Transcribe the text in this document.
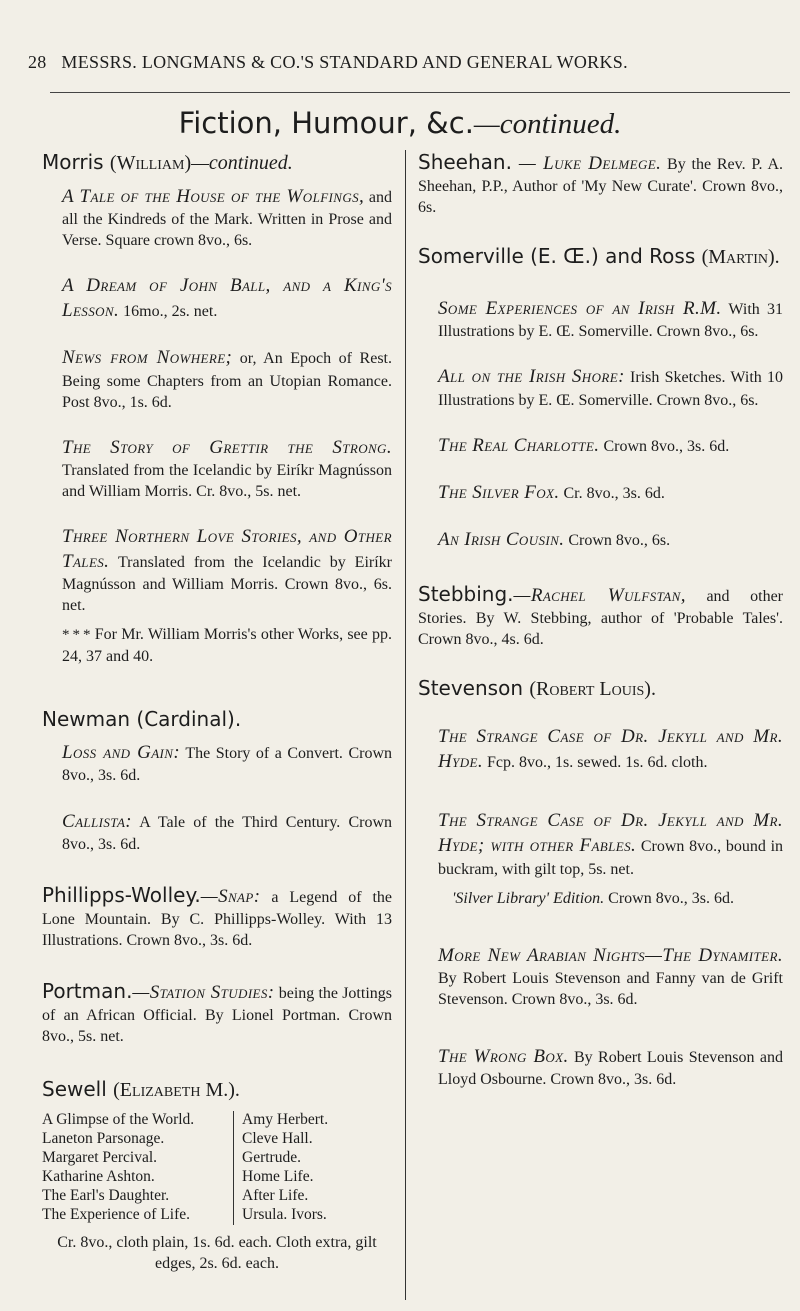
28 MESSRS. LONGMANS & CO.'S STANDARD AND GENERAL WORKS.
Fiction, Humour, &c.—continued.
Morris (William)—continued.
A Tale of the House of the Wolfings, and all the Kindreds of the Mark. Written in Prose and Verse. Square crown 8vo., 6s.
A Dream of John Ball, and a King's Lesson. 16mo., 2s. net.
News from Nowhere; or, An Epoch of Rest. Being some Chapters from an Utopian Romance. Post 8vo., 1s. 6d.
The Story of Grettir the Strong. Translated from the Icelandic by Eiríkr Magnússon and William Morris. Cr. 8vo., 5s. net.
Three Northern Love Stories, and Other Tales. Translated from the Icelandic by Eiríkr Magnússon and William Morris. Crown 8vo., 6s. net.
* * * For Mr. William Morris's other Works, see pp. 24, 37 and 40.
Newman (Cardinal).
Loss and Gain: The Story of a Convert. Crown 8vo., 3s. 6d.
Callista: A Tale of the Third Century. Crown 8vo., 3s. 6d.
Phillipps-Wolley.—Snap: a Legend of the Lone Mountain. By C. Phillipps-Wolley. With 13 Illustrations. Crown 8vo., 3s. 6d.
Portman.—Station Studies: being the Jottings of an African Official. By Lionel Portman. Crown 8vo., 5s. net.
Sewell (Elizabeth M.).
A Glimpse of the World.
Laneton Parsonage.
Margaret Percival.
Katharine Ashton.
The Earl's Daughter.
The Experience of Life.
Amy Herbert.
Cleve Hall.
Gertrude.
Home Life.
After Life.
Ursula. Ivors.
Cr. 8vo., cloth plain, 1s. 6d. each. Cloth extra, gilt edges, 2s. 6d. each.
Sheehan. — Luke Delmege. By the Rev. P. A. Sheehan, P.P., Author of 'My New Curate'. Crown 8vo., 6s.
Somerville (E. Œ.) and Ross (Martin).
Some Experiences of an Irish R.M. With 31 Illustrations by E. Œ. Somerville. Crown 8vo., 6s.
All on the Irish Shore: Irish Sketches. With 10 Illustrations by E. Œ. Somerville. Crown 8vo., 6s.
The Real Charlotte. Crown 8vo., 3s. 6d.
The Silver Fox. Cr. 8vo., 3s. 6d.
An Irish Cousin. Crown 8vo., 6s.
Stebbing.—Rachel Wulfstan, and other Stories. By W. Stebbing, author of 'Probable Tales'. Crown 8vo., 4s. 6d.
Stevenson (Robert Louis).
The Strange Case of Dr. Jekyll and Mr. Hyde. Fcp. 8vo., 1s. sewed. 1s. 6d. cloth.
The Strange Case of Dr. Jekyll and Mr. Hyde; with other Fables. Crown 8vo., bound in buckram, with gilt top, 5s. net.
'Silver Library' Edition. Crown 8vo., 3s. 6d.
More New Arabian Nights—The Dynamiter. By Robert Louis Stevenson and Fanny van de Grift Stevenson. Crown 8vo., 3s. 6d.
The Wrong Box. By Robert Louis Stevenson and Lloyd Osbourne. Crown 8vo., 3s. 6d.
